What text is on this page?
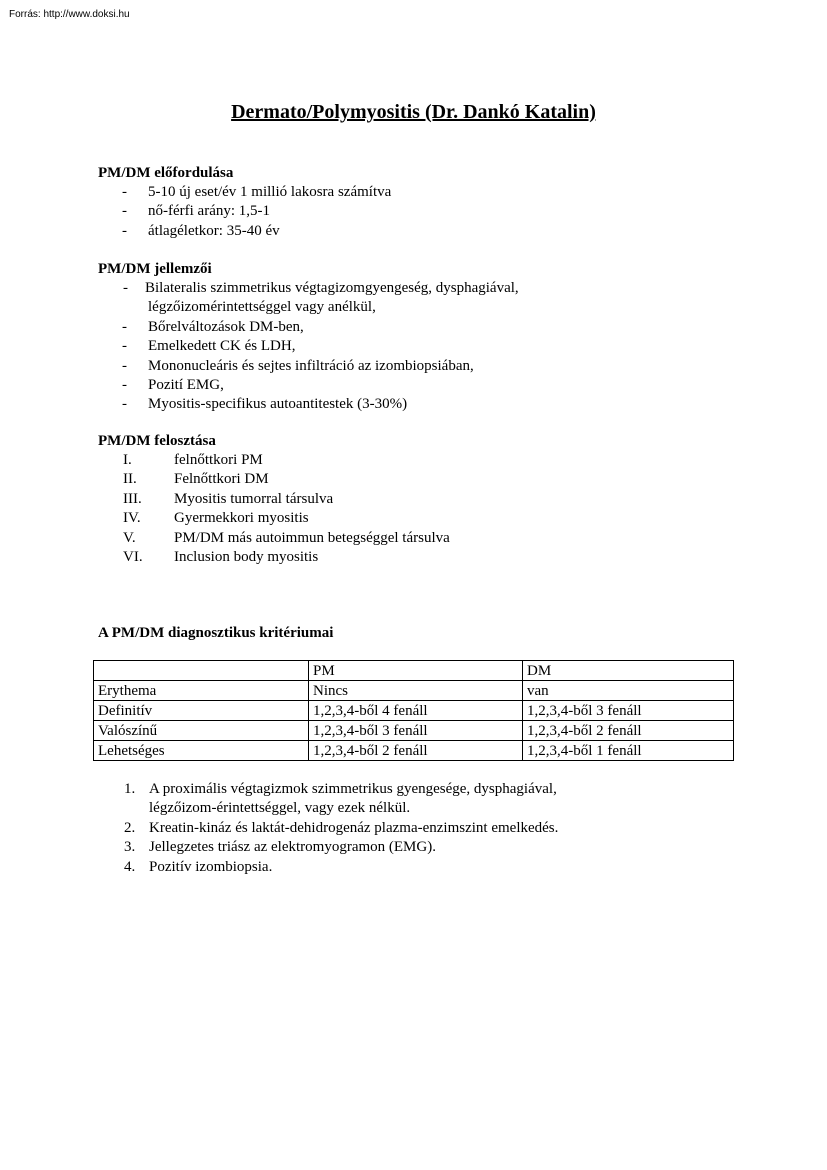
Forrás: http://www.doksi.hu
Dermato/Polymyositis (Dr. Dankó Katalin)
PM/DM előfordulása
- 5-10 új eset/év 1 millió lakosra számítva
- nő-férfi arány: 1,5-1
- átlagéletkor: 35-40 év
PM/DM jellemzői
- Bilateralis szimmetrikus végtagizomgyengeség, dysphagiával, légzőizomérintettséggel vagy anélkül,
- Bőrelváltozások DM-ben,
- Emelkedett CK és LDH,
- Mononucleáris és sejtes infiltráció az izombiopsiában,
- Pozití EMG,
- Myositis-specifikus autoantitestek (3-30%)
PM/DM felosztása
I.	felnőttkori PM
II. Felnőttkori DM
III. Myositis tumorral társulva
IV. Gyermekkori myositis
V.	PM/DM más autoimmun betegséggel társulva
VI. Inclusion body myositis
A PM/DM diagnosztikus kritériumai
	PM	DM
Erythema	Nincs	van
Definitív	1,2,3,4-ből 4 fenáll	1,2,3,4-ből 3 fenáll
Valószínű	1,2,3,4-ből 3 fenáll	1,2,3,4-ből 2 fenáll
Lehetséges	1,2,3,4-ből 2 fenáll	1,2,3,4-ből 1 fenáll
1. A proximális végtagizmok szimmetrikus gyengesége, dysphagiával, légzőizom-érintettséggel, vagy ezek nélkül.
2. Kreatin-kináz és laktát-dehidrogenáz plazma-enzimszint emelkedés.
3. Jellegzetes triász az elektromyogramon (EMG).
4. Pozitív izombiopsia.
